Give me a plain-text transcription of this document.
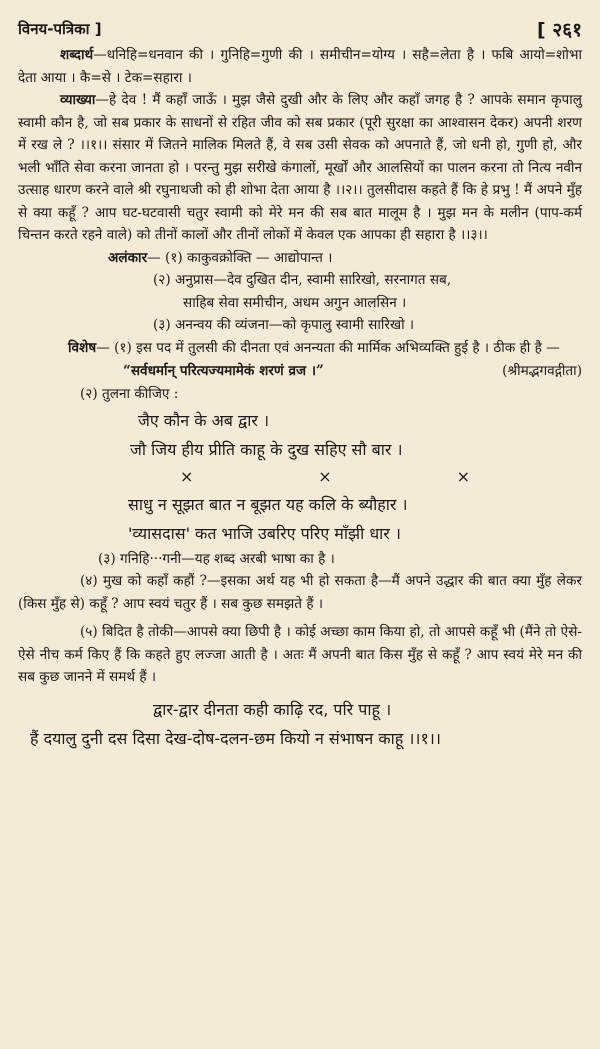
विनय-पत्रिका ]	[ २६१
शब्दार्थ—धनिहि=धनवान की । गुनिहि=गुणी की । समीचीन=योग्य । सहै=लेता है । फबि आयो=शोभा देता आया । कै=से । टेक=सहारा ।
व्याख्या—हे देव ! मैं कहाँ जाऊँ । मुझ जैसे दुखी और के लिए और कहाँ जगह है ? आपके समान कृपालु स्वामी कौन है, जो सब प्रकार के साधनों से रहित जीव को सब प्रकार (पूरी सुरक्षा का आश्वासन देकर) अपनी शरण में रख ले ? ।।१।। संसार में जितने मालिक मिलते हैं, वे सब उसी सेवक को अपनाते हैं, जो धनी हो, गुणी हो, और भली भाँति सेवा करना जानता हो । परन्तु मुझ सरीखे कंगालों, मूर्खों और आलसियों का पालन करना तो नित्य नवीन उत्साह धारण करने वाले श्री रघुनाथजी को ही शोभा देता आया है ।।२।। तुलसीदास कहते हैं कि हे प्रभु ! मैं अपने मुँह से क्या कहूँ ? आप घट-घटवासी चतुर स्वामी को मेरे मन की सब बात मालूम है । मुझ मन के मलीन (पाप-कर्म चिन्तन करते रहने वाले) को तीनों कालों और तीनों लोकों में केवल एक आपका ही सहारा है ।।३।।
अलंकार— (१) काकुवक्रोक्ति — आद्योपान्त ।
(२) अनुप्रास—देव दुखित दीन, स्वामी सारिखो, सरनागत सब,
साहिब सेवा समीचीन, अधम अगुन आलसिन ।
(३) अनन्वय की व्यंजना—को कृपालु स्वामी सारिखो ।
विशेष— (१) इस पद में तुलसी की दीनता एवं अनन्यता की मार्मिक अभिव्यक्ति हुई है । ठीक ही है —
“सर्वधर्मान् परित्यज्यमामेकं शरणं व्रज ।”	(श्रीमद्भगवद्गीता)
(२) तुलना कीजिए :
जैए कौन के अब द्वार ।
जौ जिय हीय प्रीति काहू के दुख सहिए सौ बार ।
×	×	×
साधु न सूझत बात न बूझत यह कलि के ब्यौहार ।
'व्यासदास' कत भाजि उबरिए परिए माँझी धार ।
(३) गनिहि···गनी—यह शब्द अरबी भाषा का है ।
(४) मुख को कहाँ कहौं ?—इसका अर्थ यह भी हो सकता है—मैं अपने उद्धार की बात क्या मुँह लेकर (किस मुँह से) कहूँ ? आप स्वयं चतुर हैं । सब कुछ समझते हैं ।
(५) बिदित है तोकी—आपसे क्या छिपी है । कोई अच्छा काम किया हो, तो आपसे कहूँ भी (मैंने तो ऐसे-ऐसे नीच कर्म किए हैं कि कहते हुए लज्जा आती है । अतः मैं अपनी बात किस मुँह से कहूँ ? आप स्वयं मेरे मन की सब कुछ जानने में समर्थ हैं ।
द्वार-द्वार दीनता कही काढ़ि रद, परि पाहू ।
हैं दयालु दुनी दस दिसा देख-दोष-दलन-छम कियो न संभाषन काहू ।।१।।
